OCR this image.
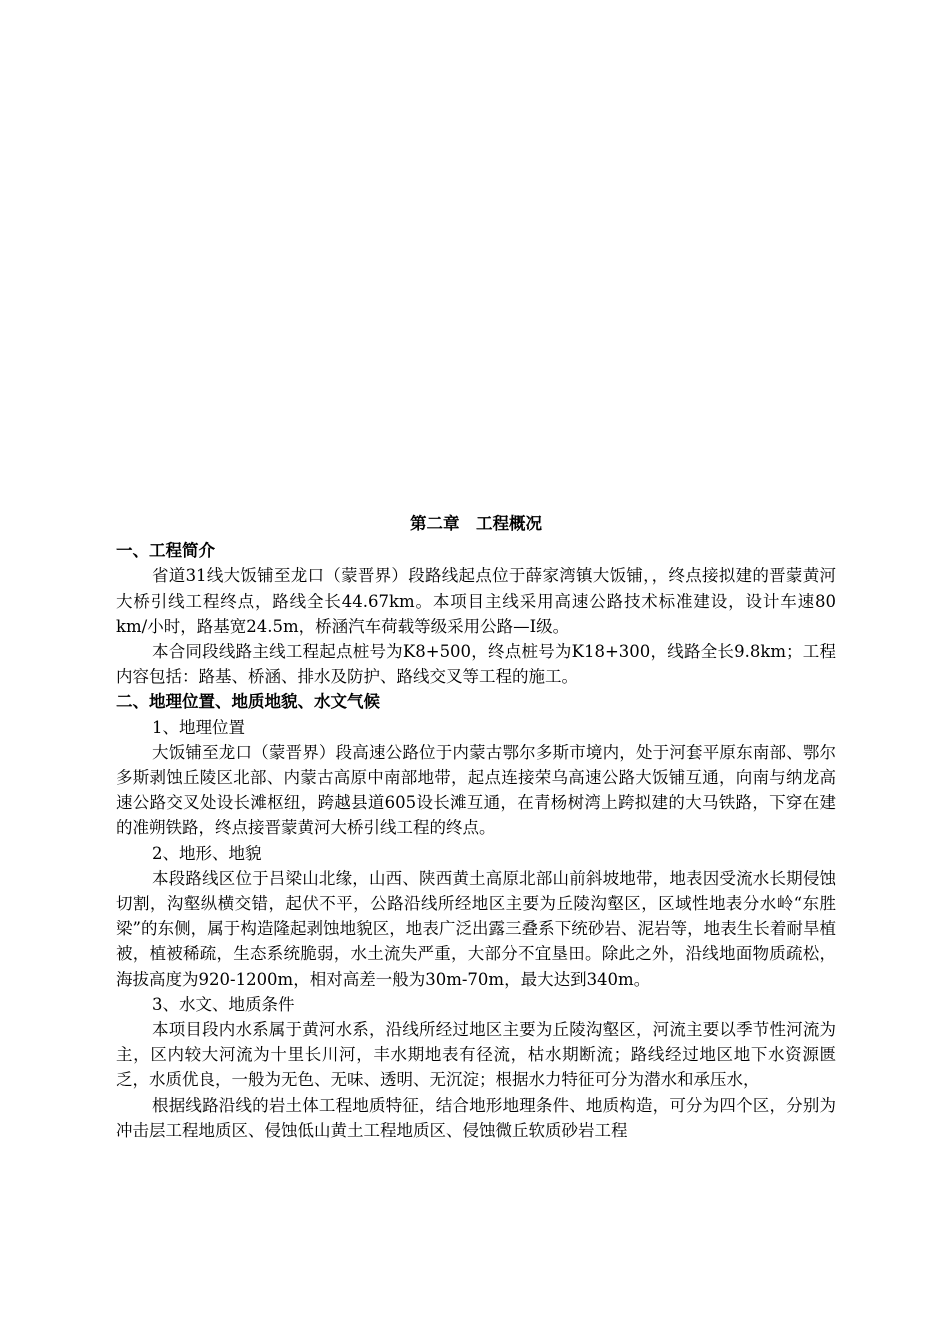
第二章　工程概况

一、工程简介

省道31线大饭铺至龙口（蒙晋界）段路线起点位于薛家湾镇大饭铺，，终点接拟建的晋蒙黄河大桥引线工程终点，路线全长44.67km。本项目主线采用高速公路技术标准建设，设计车速80 km/小时，路基宽24.5m，桥涵汽车荷载等级采用公路—Ⅰ级。

本合同段线路主线工程起点桩号为K8+500，终点桩号为K18+300，线路全长9.8km；工程内容包括：路基、桥涵、排水及防护、路线交叉等工程的施工。

二、地理位置、地质地貌、水文气候

1、地理位置

大饭铺至龙口（蒙晋界）段高速公路位于内蒙古鄂尔多斯市境内，处于河套平原东南部、鄂尔多斯剥蚀丘陵区北部、内蒙古高原中南部地带，起点连接荣乌高速公路大饭铺互通，向南与纳龙高速公路交叉处设长滩枢纽，跨越县道605设长滩互通，在青杨树湾上跨拟建的大马铁路，下穿在建的准朔铁路，终点接晋蒙黄河大桥引线工程的终点。

2、地形、地貌

本段路线区位于吕梁山北缘，山西、陕西黄土高原北部山前斜坡地带，地表因受流水长期侵蚀切割，沟壑纵横交错，起伏不平，公路沿线所经地区主要为丘陵沟壑区，区域性地表分水岭“东胜梁”的东侧，属于构造隆起剥蚀地貌区，地表广泛出露三叠系下统砂岩、泥岩等，地表生长着耐旱植被，植被稀疏，生态系统脆弱，水土流失严重，大部分不宜垦田。除此之外，沿线地面物质疏松，海拔高度为920-1200m，相对高差一般为30m-70m，最大达到340m。

3、水文、地质条件

本项目段内水系属于黄河水系，沿线所经过地区主要为丘陵沟壑区，河流主要以季节性河流为主，区内较大河流为十里长川河，丰水期地表有径流，枯水期断流；路线经过地区地下水资源匮乏，水质优良，一般为无色、无味、透明、无沉淀；根据水力特征可分为潜水和承压水，

根据线路沿线的岩土体工程地质特征，结合地形地理条件、地质构造，可分为四个区，分别为冲击层工程地质区、侵蚀低山黄土工程地质区、侵蚀微丘软质砂岩工程
